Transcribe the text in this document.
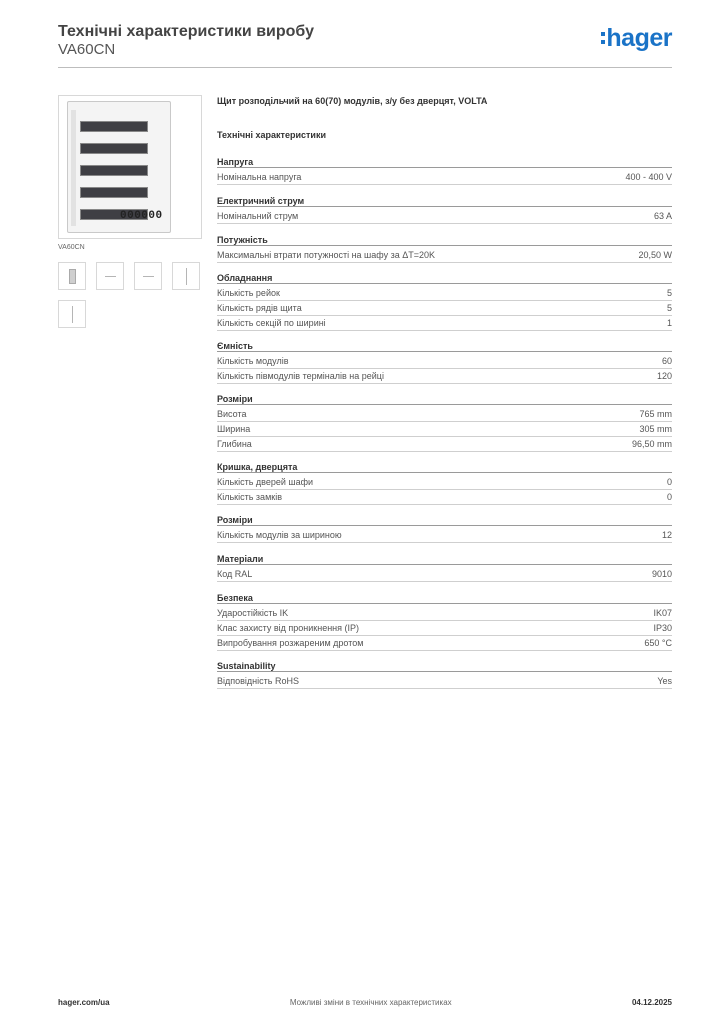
Технічні характеристики виробу
VA60CN	hager
000000
VA60CN
Щит розподільчий на 60(70) модулів, з/у без дверцят, VOLTA
Технічні характеристики
Напруга
Номінальна напруга	400 - 400 V
Електричний струм
Номінальний струм	63 A
Потужність
Максимальні втрати потужності на шафу за ΔT=20K	20,50 W
Обладнання
Кількість рейок	5
Кількість рядів щита	5
Кількість секцій по ширині	1
Ємність
Кількість модулів	60
Кількість півмодулів терміналів на рейці	120
Розміри
Висота	765 mm
Ширина	305 mm
Глибина	96,50 mm
Кришка, дверцята
Кількість дверей шафи	0
Кількість замків	0
Розміри
Кількість модулів за шириною	12
Матеріали
Код RAL	9010
Безпека
Ударостійкість IK	IK07
Клас захисту від проникнення (IP)	IP30
Випробування розжареним дротом	650 °C
Sustainability
Відповідність RoHS	Yes
hager.com/ua	Можливі зміни в технічних характеристиках	04.12.2025
